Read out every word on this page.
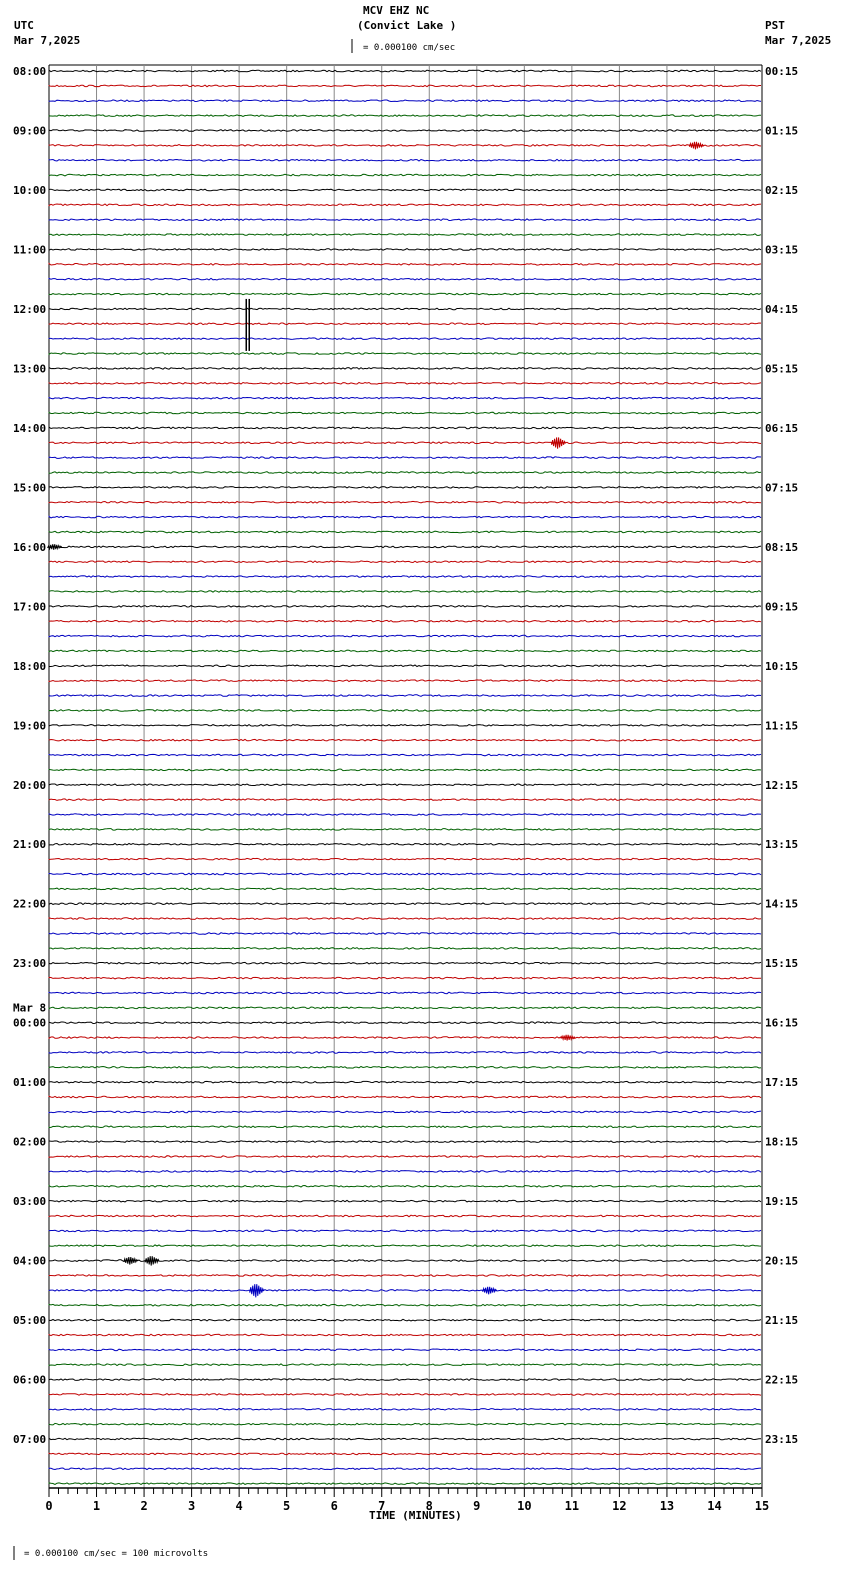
MCV EHZ NC
(Convict Lake )
UTC
Mar 7,2025
PST
Mar 7,2025
= 0.000100 cm/sec
= 0.000100 cm/sec = 100 microvolts
TIME (MINUTES)
08:00	00:15
09:00	01:15
10:00	02:15
11:00	03:15
12:00	04:15
13:00	05:15
14:00	06:15
15:00	07:15
16:00	08:15
17:00	09:15
18:00	10:15
19:00	11:15
20:00	12:15
21:00	13:15
22:00	14:15
23:00	15:15
00:00	16:15
Mar 8
01:00	17:15
02:00	18:15
03:00	19:15
04:00	20:15
05:00	21:15
06:00	22:15
07:00	23:15
0	1	2	3	4	5	6	7	8	9	10	11	12	13	14	15
